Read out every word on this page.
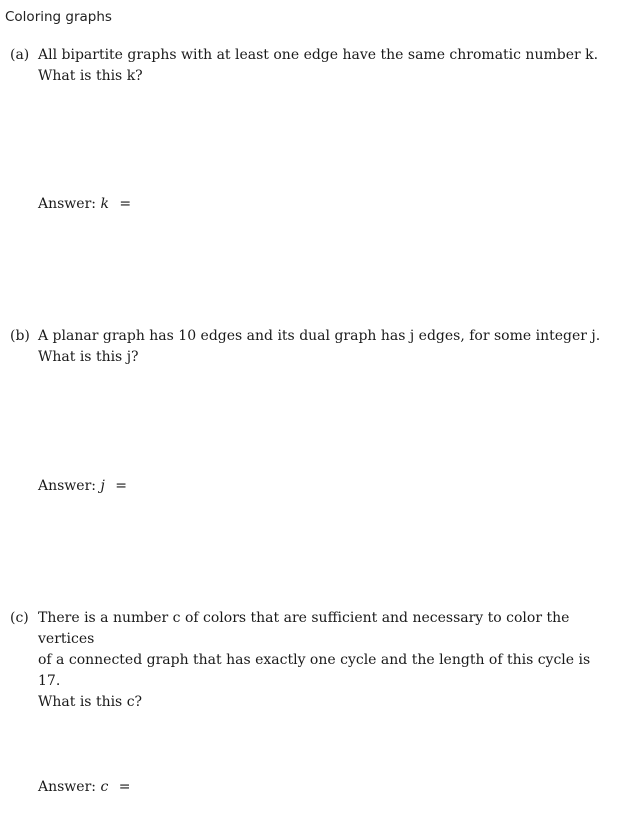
Coloring graphs
(a) All bipartite graphs with at least one edge have the same chromatic number k.
What is this k?
Answer: k =
(b) A planar graph has 10 edges and its dual graph has j edges, for some integer j.
What is this j?
Answer: j =
(c) There is a number c of colors that are sufficient and necessary to color the vertices
of a connected graph that has exactly one cycle and the length of this cycle is 17.
What is this c?
Answer: c =
